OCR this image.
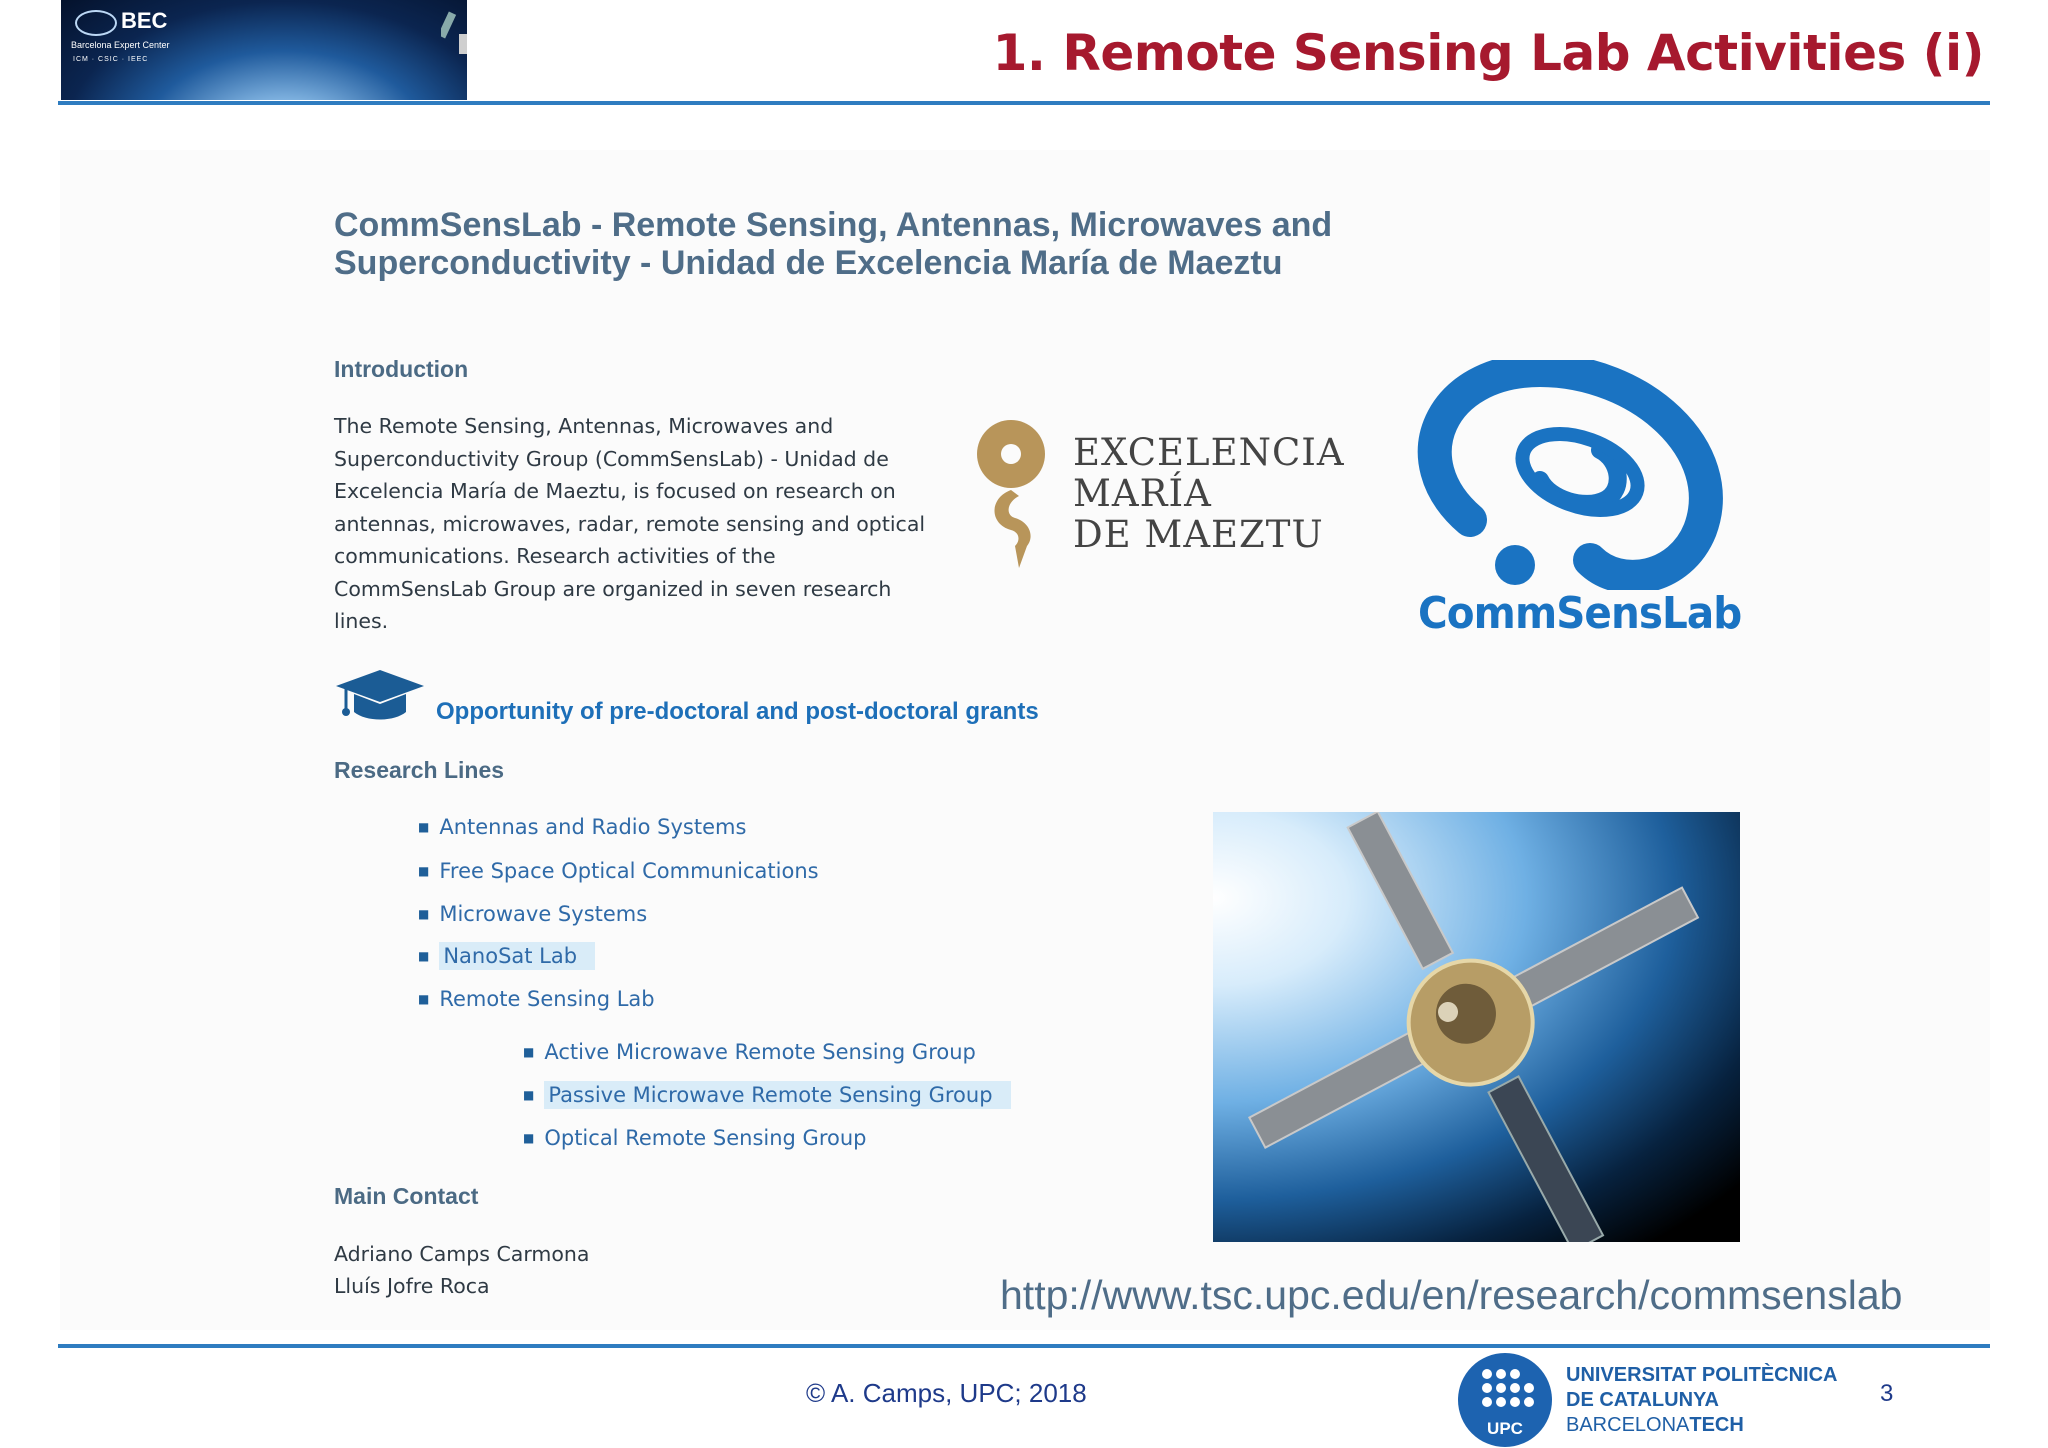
BEC
Barcelona Expert Center
ICM · CSIC · IEEC	1. Remote Sensing Lab Activities (i)
CommSensLab - Remote Sensing, Antennas, Microwaves and Superconductivity - Unidad de Excelencia María de Maeztu
Introduction
The Remote Sensing, Antennas, Microwaves and Superconductivity Group (CommSensLab) - Unidad de Excelencia María de Maeztu, is focused on research on antennas, microwaves, radar, remote sensing and optical communications. Research activities of the CommSensLab Group are organized in seven research lines.
EXCELENCIA
MARÍA
DE MAEZTU
CommSensLab
Opportunity of pre-doctoral and post-doctoral grants
Research Lines
■ Antennas and Radio Systems
■ Free Space Optical Communications
■ Microwave Systems
■ NanoSat Lab
■ Remote Sensing Lab
■ Active Microwave Remote Sensing Group
■ Passive Microwave Remote Sensing Group
■ Optical Remote Sensing Group
Main Contact
Adriano Camps Carmona
Lluís Jofre Roca	http://www.tsc.upc.edu/en/research/commsenslab
© A. Camps, UPC; 2018
UPC
UNIVERSITAT POLITÈCNICA
DE CATALUNYA
BARCELONATECH
3
